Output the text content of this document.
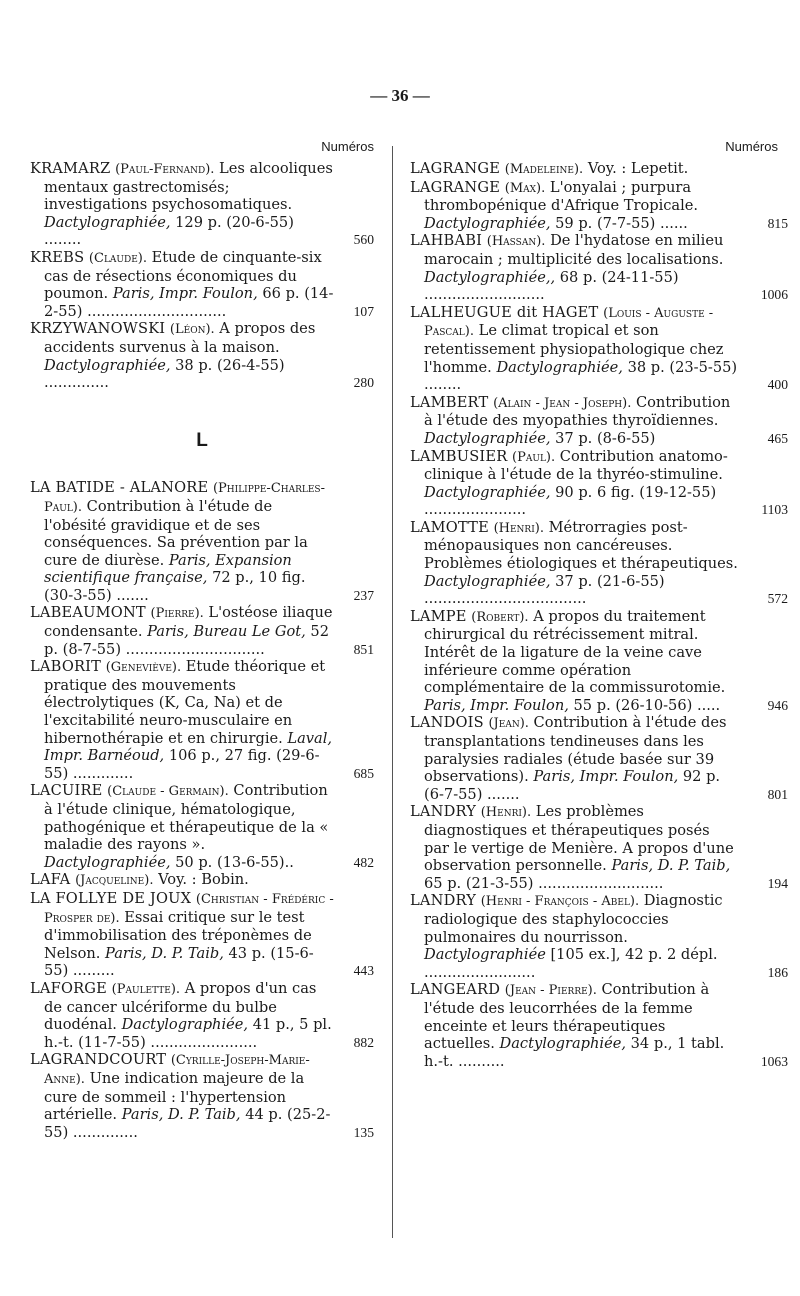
— 36 —
Numéros
KRAMARZ (Paul-Fernand). Les alcooliques mentaux gastrectomisés; investigations psychosomatiques. Dactylographiée, 129 p. (20-6-55) ........	560
KREBS (Claude). Etude de cinquante-six cas de résections économiques du poumon. Paris, Impr. Foulon, 66 p. (14-2-55) ..............................	107
KRZYWANOWSKI (Léon). A propos des accidents survenus à la maison. Dactylographiée, 38 p. (26-4-55) ..............	280
L
LA BATIDE - ALANORE (Philippe-Charles-Paul). Contribution à l'étude de l'obésité gravidique et de ses conséquences. Sa prévention par la cure de diurèse. Paris, Expansion scientifique française, 72 p., 10 fig. (30-3-55) .......	237
LABEAUMONT (Pierre). L'ostéose iliaque condensante. Paris, Bureau Le Got, 52 p. (8-7-55) ..............................	851
LABORIT (Geneviève). Etude théorique et pratique des mouvements électrolytiques (K, Ca, Na) et de l'excitabilité neuro-musculaire en hibernothérapie et en chirurgie. Laval, Impr. Barnéoud, 106 p., 27 fig. (29-6-55) .............	685
LACUIRE (Claude - Germain). Contribution à l'étude clinique, hématologique, pathogénique et thérapeutique de la « maladie des rayons ». Dactylographiée, 50 p. (13-6-55)..	482
LAFA (Jacqueline). Voy. : Bobin.
LA FOLLYE DE JOUX (Christian - Frédéric - Prosper de). Essai critique sur le test d'immobilisation des tréponèmes de Nelson. Paris, D. P. Taib, 43 p. (15-6-55) .........	443
LAFORGE (Paulette). A propos d'un cas de cancer ulcériforme du bulbe duodénal. Dactylographiée, 41 p., 5 pl. h.-t. (11-7-55) .......................	882
LAGRANDCOURT (Cyrille-Joseph-Marie-Anne). Une indication majeure de la cure de sommeil : l'hypertension artérielle. Paris, D. P. Taib, 44 p. (25-2-55) ..............	135
Numéros
LAGRANGE (Madeleine). Voy. : Lepetit.
LAGRANGE (Max). L'onyalai ; purpura thrombopénique d'Afrique Tropicale. Dactylographiée, 59 p. (7-7-55) ......	815
LAHBABI (Hassan). De l'hydatose en milieu marocain ; multiplicité des localisations. Dactylographiée,, 68 p. (24-11-55) ..........................	1006
LALHEUGUE dit HAGET (Louis - Auguste - Pascal). Le climat tropical et son retentissement physiopathologique chez l'homme. Dactylographiée, 38 p. (23-5-55) ........	400
LAMBERT (Alain - Jean - Joseph). Contribution à l'étude des myopathies thyroïdiennes. Dactylographiée, 37 p. (8-6-55)	465
LAMBUSIER (Paul). Contribution anatomo-clinique à l'étude de la thyréo-stimuline. Dactylographiée, 90 p. 6 fig. (19-12-55) ......................	1103
LAMOTTE (Henri). Métrorragies post-ménopausiques non cancéreuses. Problèmes étiologiques et thérapeutiques. Dactylographiée, 37 p. (21-6-55) ...................................	572
LAMPE (Robert). A propos du traitement chirurgical du rétrécissement mitral. Intérêt de la ligature de la veine cave inférieure comme opération complémentaire de la commissurotomie. Paris, Impr. Foulon, 55 p. (26-10-56) .....	946
LANDOIS (Jean). Contribution à l'étude des transplantations tendineuses dans les paralysies radiales (étude basée sur 39 observations). Paris, Impr. Foulon, 92 p. (6-7-55) .......	801
LANDRY (Henri). Les problèmes diagnostiques et thérapeutiques posés par le vertige de Menière. A propos d'une observation personnelle. Paris, D. P. Taib, 65 p. (21-3-55) ...........................	194
LANDRY (Henri - François - Abel). Diagnostic radiologique des staphylococcies pulmonaires du nourrisson. Dactylographiée [105 ex.], 42 p. 2 dépl. ........................	186
LANGEARD (Jean - Pierre). Contribution à l'étude des leucorrhées de la femme enceinte et leurs thérapeutiques actuelles. Dactylographiée, 34 p., 1 tabl. h.-t. ..........	1063
